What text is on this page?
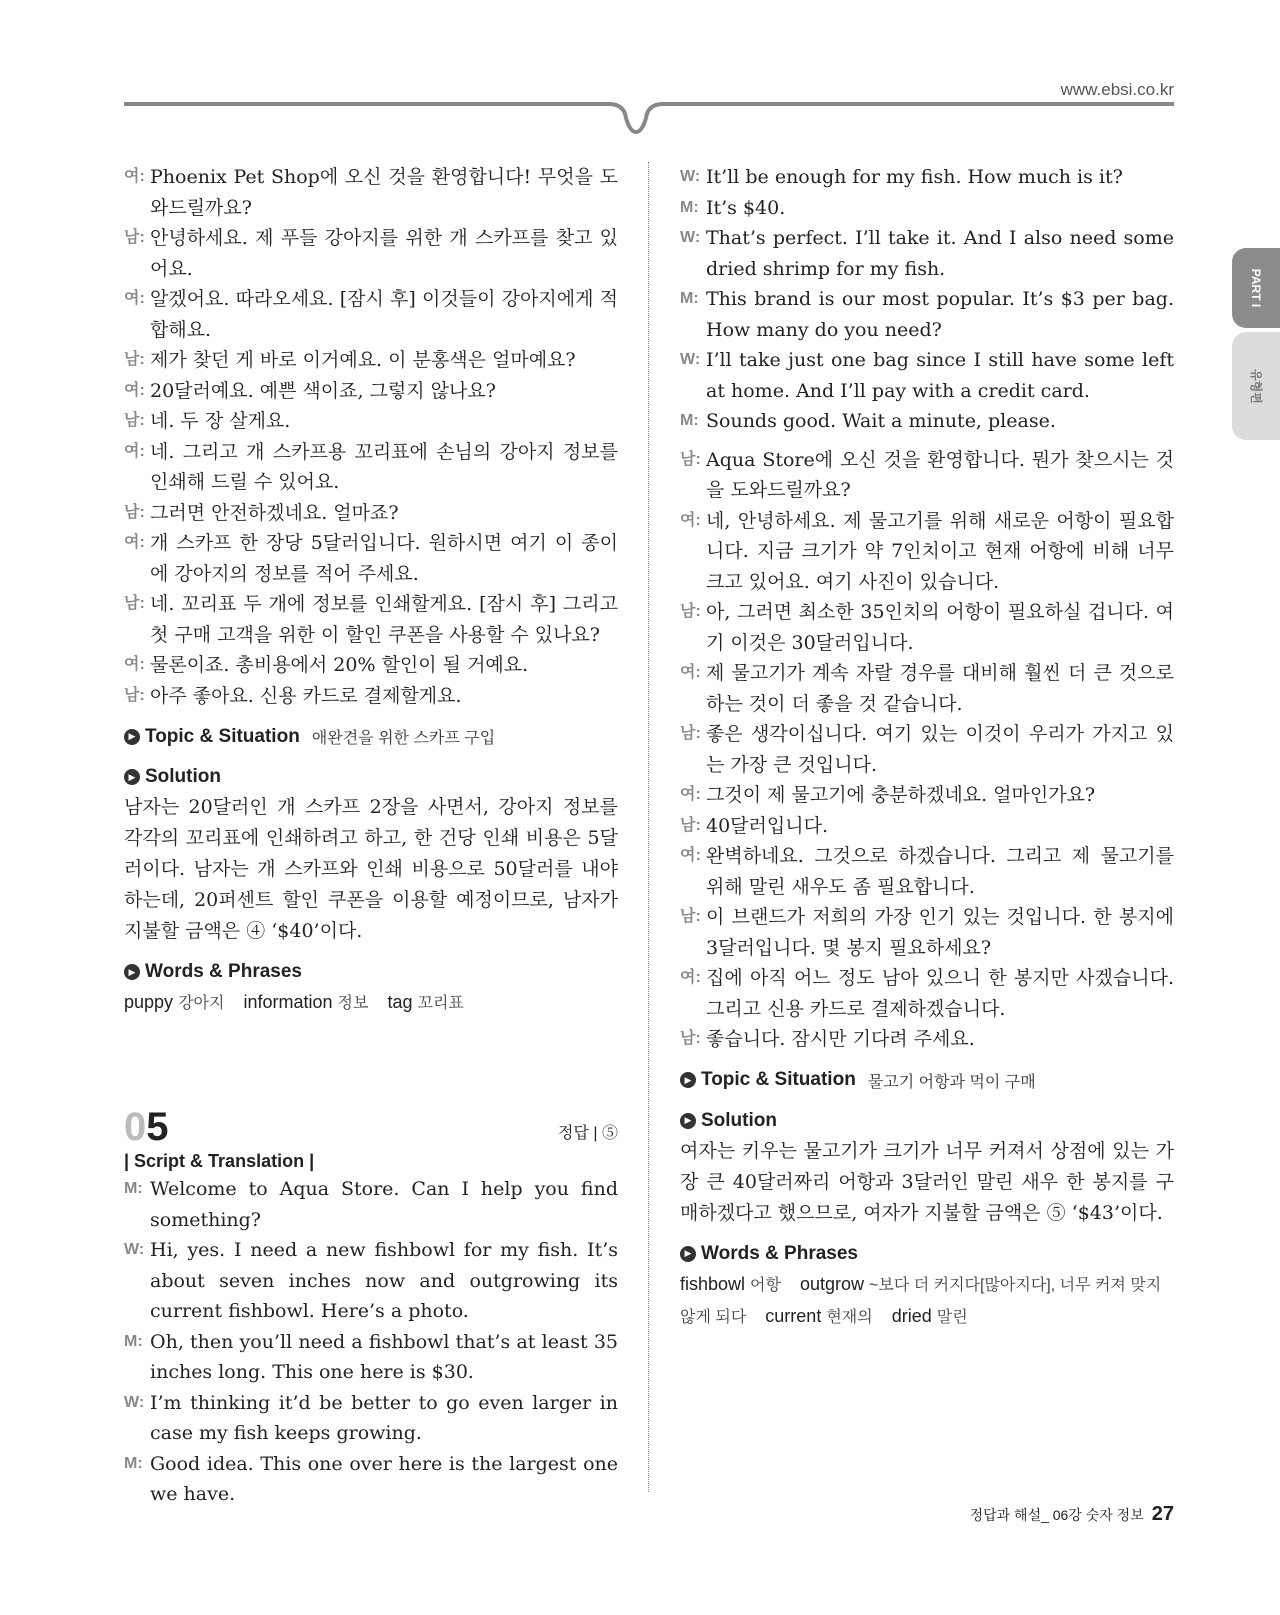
www.ebsi.co.kr
PART I
유형편
여: Phoenix Pet Shop에 오신 것을 환영합니다! 무엇을 도와드릴까요?
남: 안녕하세요. 제 푸들 강아지를 위한 개 스카프를 찾고 있어요.
여: 알겠어요. 따라오세요. [잠시 후] 이것들이 강아지에게 적합해요.
남: 제가 찾던 게 바로 이거예요. 이 분홍색은 얼마예요?
여: 20달러예요. 예쁜 색이죠, 그렇지 않나요?
남: 네. 두 장 살게요.
여: 네. 그리고 개 스카프용 꼬리표에 손님의 강아지 정보를 인쇄해 드릴 수 있어요.
남: 그러면 안전하겠네요. 얼마죠?
여: 개 스카프 한 장당 5달러입니다. 원하시면 여기 이 종이에 강아지의 정보를 적어 주세요.
남: 네. 꼬리표 두 개에 정보를 인쇄할게요. [잠시 후] 그리고 첫 구매 고객을 위한 이 할인 쿠폰을 사용할 수 있나요?
여: 물론이죠. 총비용에서 20% 할인이 될 거예요.
남: 아주 좋아요. 신용 카드로 결제할게요.
▶ Topic & Situation 애완견을 위한 스카프 구입
▶ Solution
남자는 20달러인 개 스카프 2장을 사면서, 강아지 정보를 각각의 꼬리표에 인쇄하려고 하고, 한 건당 인쇄 비용은 5달러이다. 남자는 개 스카프와 인쇄 비용으로 50달러를 내야 하는데, 20퍼센트 할인 쿠폰을 이용할 예정이므로, 남자가 지불할 금액은 ④ ‘$40’이다.
▶ Words & Phrases
puppy 강아지 information 정보 tag 꼬리표
05	정답 | ⑤
| Script & Translation |
M: Welcome to Aqua Store. Can I help you find something?
W: Hi, yes. I need a new fishbowl for my fish. It’s about seven inches now and outgrowing its current fishbowl. Here’s a photo.
M: Oh, then you’ll need a fishbowl that’s at least 35 inches long. This one here is $30.
W: I’m thinking it’d be better to go even larger in case my fish keeps growing.
M: Good idea. This one over here is the largest one we have.
W: It’ll be enough for my fish. How much is it?
M: It’s $40.
W: That’s perfect. I’ll take it. And I also need some dried shrimp for my fish.
M: This brand is our most popular. It’s $3 per bag. How many do you need?
W: I’ll take just one bag since I still have some left at home. And I’ll pay with a credit card.
M: Sounds good. Wait a minute, please.
남: Aqua Store에 오신 것을 환영합니다. 뭔가 찾으시는 것을 도와드릴까요?
여: 네, 안녕하세요. 제 물고기를 위해 새로운 어항이 필요합니다. 지금 크기가 약 7인치이고 현재 어항에 비해 너무 크고 있어요. 여기 사진이 있습니다.
남: 아, 그러면 최소한 35인치의 어항이 필요하실 겁니다. 여기 이것은 30달러입니다.
여: 제 물고기가 계속 자랄 경우를 대비해 훨씬 더 큰 것으로 하는 것이 더 좋을 것 같습니다.
남: 좋은 생각이십니다. 여기 있는 이것이 우리가 가지고 있는 가장 큰 것입니다.
여: 그것이 제 물고기에 충분하겠네요. 얼마인가요?
남: 40달러입니다.
여: 완벽하네요. 그것으로 하겠습니다. 그리고 제 물고기를 위해 말린 새우도 좀 필요합니다.
남: 이 브랜드가 저희의 가장 인기 있는 것입니다. 한 봉지에 3달러입니다. 몇 봉지 필요하세요?
여: 집에 아직 어느 정도 남아 있으니 한 봉지만 사겠습니다. 그리고 신용 카드로 결제하겠습니다.
남: 좋습니다. 잠시만 기다려 주세요.
▶ Topic & Situation 물고기 어항과 먹이 구매
▶ Solution
여자는 키우는 물고기가 크기가 너무 커져서 상점에 있는 가장 큰 40달러짜리 어항과 3달러인 말린 새우 한 봉지를 구매하겠다고 했으므로, 여자가 지불할 금액은 ⑤ ‘$43’이다.
▶ Words & Phrases
fishbowl 어항 outgrow ~보다 더 커지다[많아지다], 너무 커져 맞지 않게 되다 current 현재의 dried 말린
정답과 해설_ 06강 숫자 정보 27
